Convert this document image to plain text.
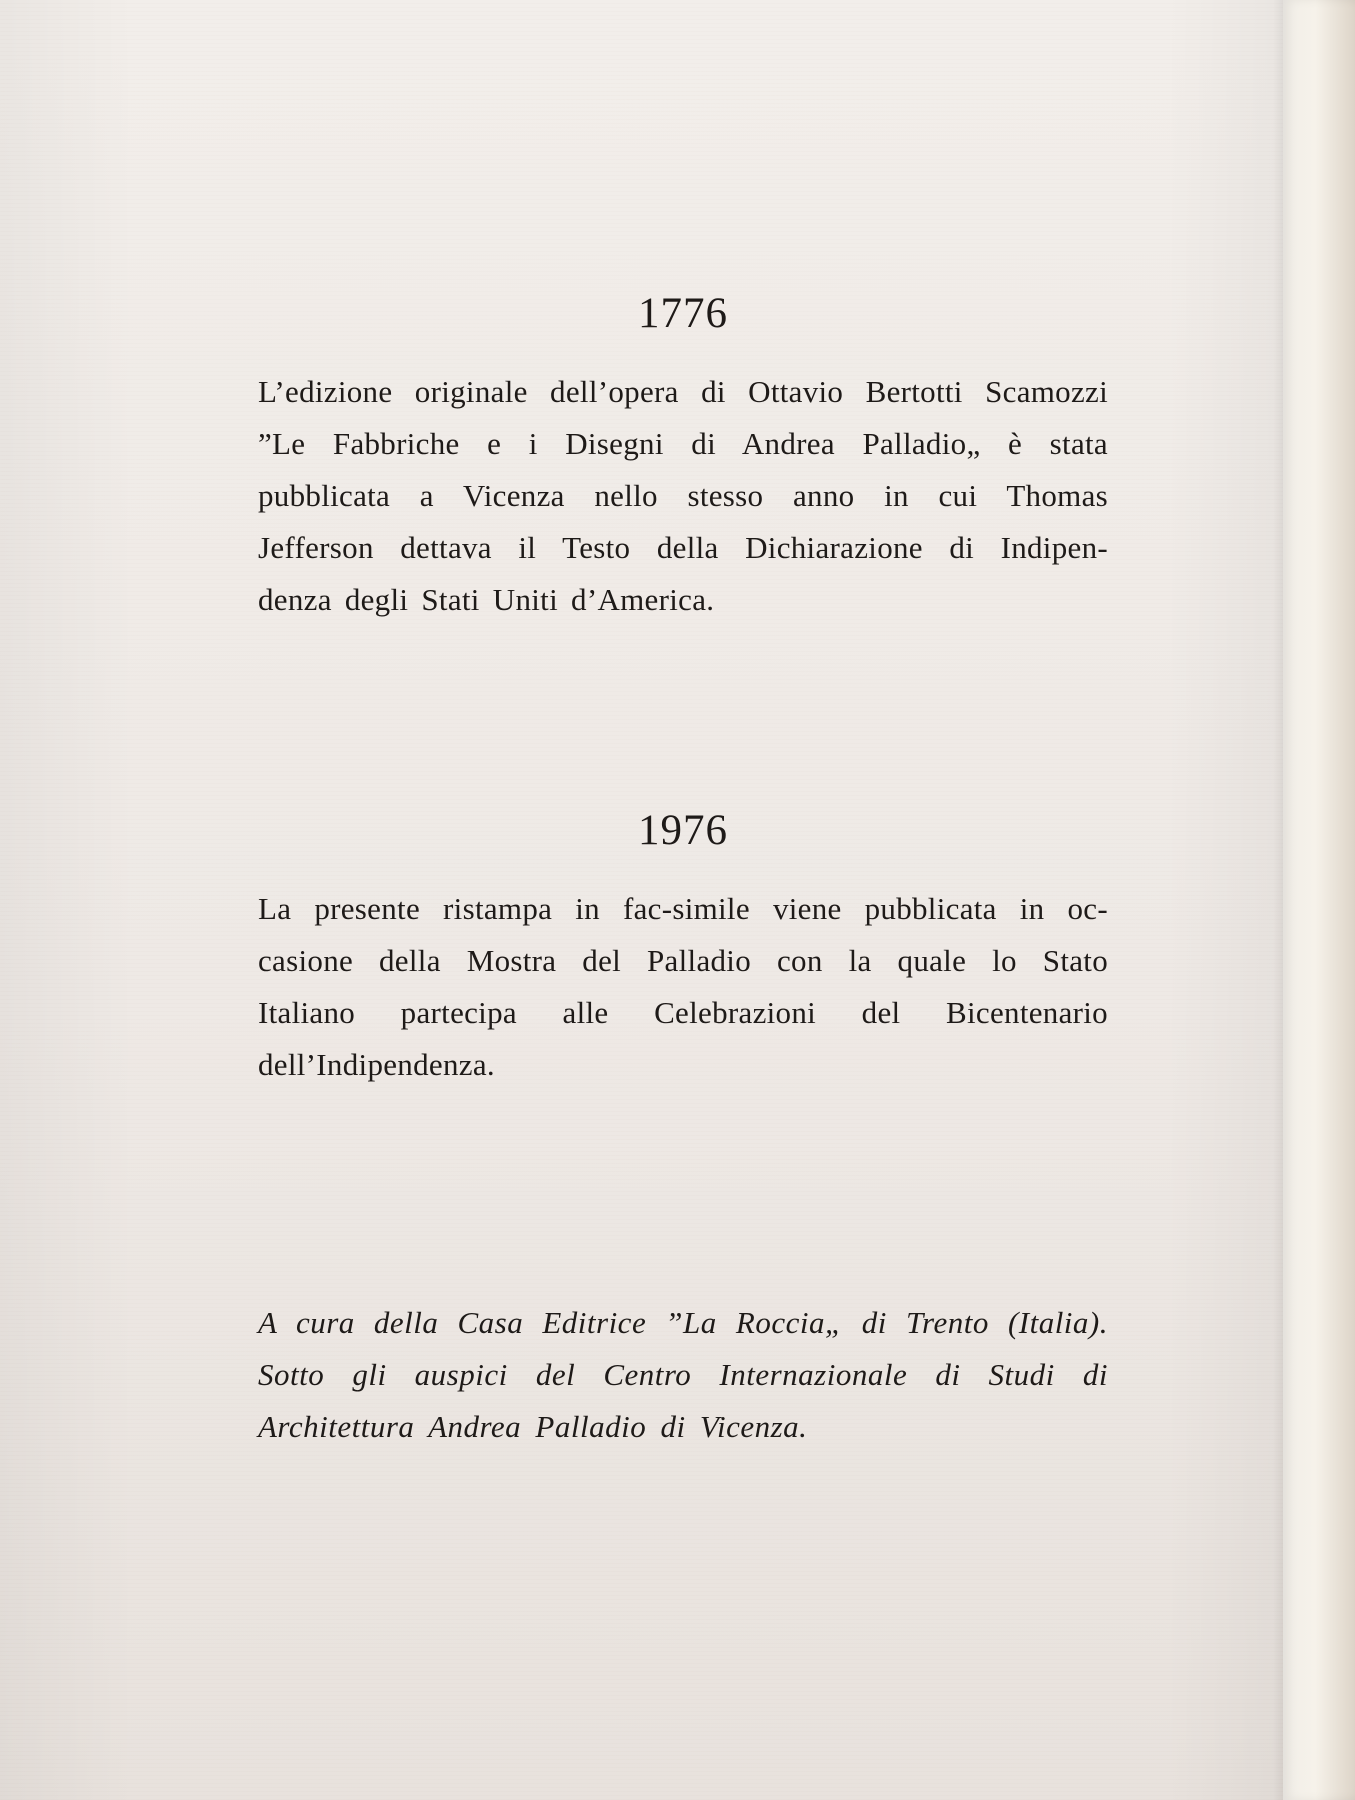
1776
L’edizione originale dell’opera di Ottavio Bertotti Scamozzi
”Le Fabbriche e i Disegni di Andrea Palladio„ è stata
pubblicata a Vicenza nello stesso anno in cui Thomas
Jefferson dettava il Testo della Dichiarazione di Indipen-
denza degli Stati Uniti d’America.
1976
La presente ristampa in fac-simile viene pubblicata in oc-
casione della Mostra del Palladio con la quale lo Stato
Italiano partecipa alle Celebrazioni del Bicentenario
dell’Indipendenza.
A cura della Casa Editrice ”La Roccia„ di Trento (Italia).
Sotto gli auspici del Centro Internazionale di Studi di
Architettura Andrea Palladio di Vicenza.
